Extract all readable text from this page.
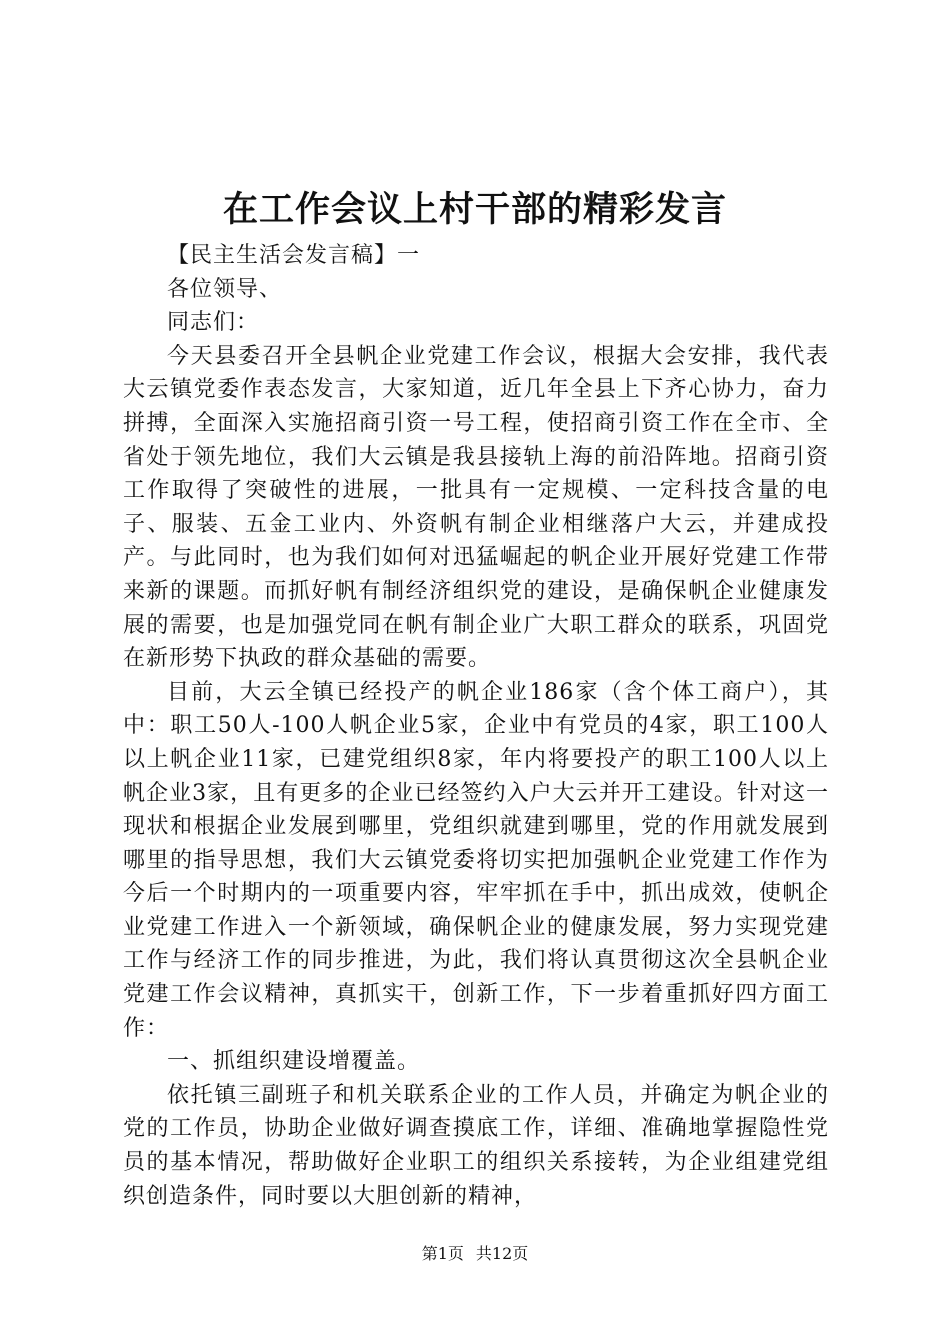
在工作会议上村干部的精彩发言

【民主生活会发言稿】一

各位领导、

同志们：

今天县委召开全县帆企业党建工作会议，根据大会安排，我代表大云镇党委作表态发言，大家知道，近几年全县上下齐心协力，奋力拼搏，全面深入实施招商引资一号工程，使招商引资工作在全市、全省处于领先地位，我们大云镇是我县接轨上海的前沿阵地。招商引资工作取得了突破性的进展，一批具有一定规模、一定科技含量的电子、服装、五金工业内、外资帆有制企业相继落户大云，并建成投产。与此同时，也为我们如何对迅猛崛起的帆企业开展好党建工作带来新的课题。而抓好帆有制经济组织党的建设，是确保帆企业健康发展的需要，也是加强党同在帆有制企业广大职工群众的联系，巩固党在新形势下执政的群众基础的需要。

目前，大云全镇已经投产的帆企业186家（含个体工商户），其中：职工50人-100人帆企业5家，企业中有党员的4家，职工100人以上帆企业11家，已建党组织8家，年内将要投产的职工100人以上帆企业3家，且有更多的企业已经签约入户大云并开工建设。针对这一现状和根据企业发展到哪里，党组织就建到哪里，党的作用就发展到哪里的指导思想，我们大云镇党委将切实把加强帆企业党建工作作为今后一个时期内的一项重要内容，牢牢抓在手中，抓出成效，使帆企业党建工作进入一个新领域，确保帆企业的健康发展，努力实现党建工作与经济工作的同步推进，为此，我们将认真贯彻这次全县帆企业党建工作会议精神，真抓实干，创新工作，下一步着重抓好四方面工作：

一、抓组织建设增覆盖。

依托镇三副班子和机关联系企业的工作人员，并确定为帆企业的党的工作员，协助企业做好调查摸底工作，详细、准确地掌握隐性党员的基本情况，帮助做好企业职工的组织关系接转，为企业组建党组织创造条件，同时要以大胆创新的精神，

第1页 共12页
